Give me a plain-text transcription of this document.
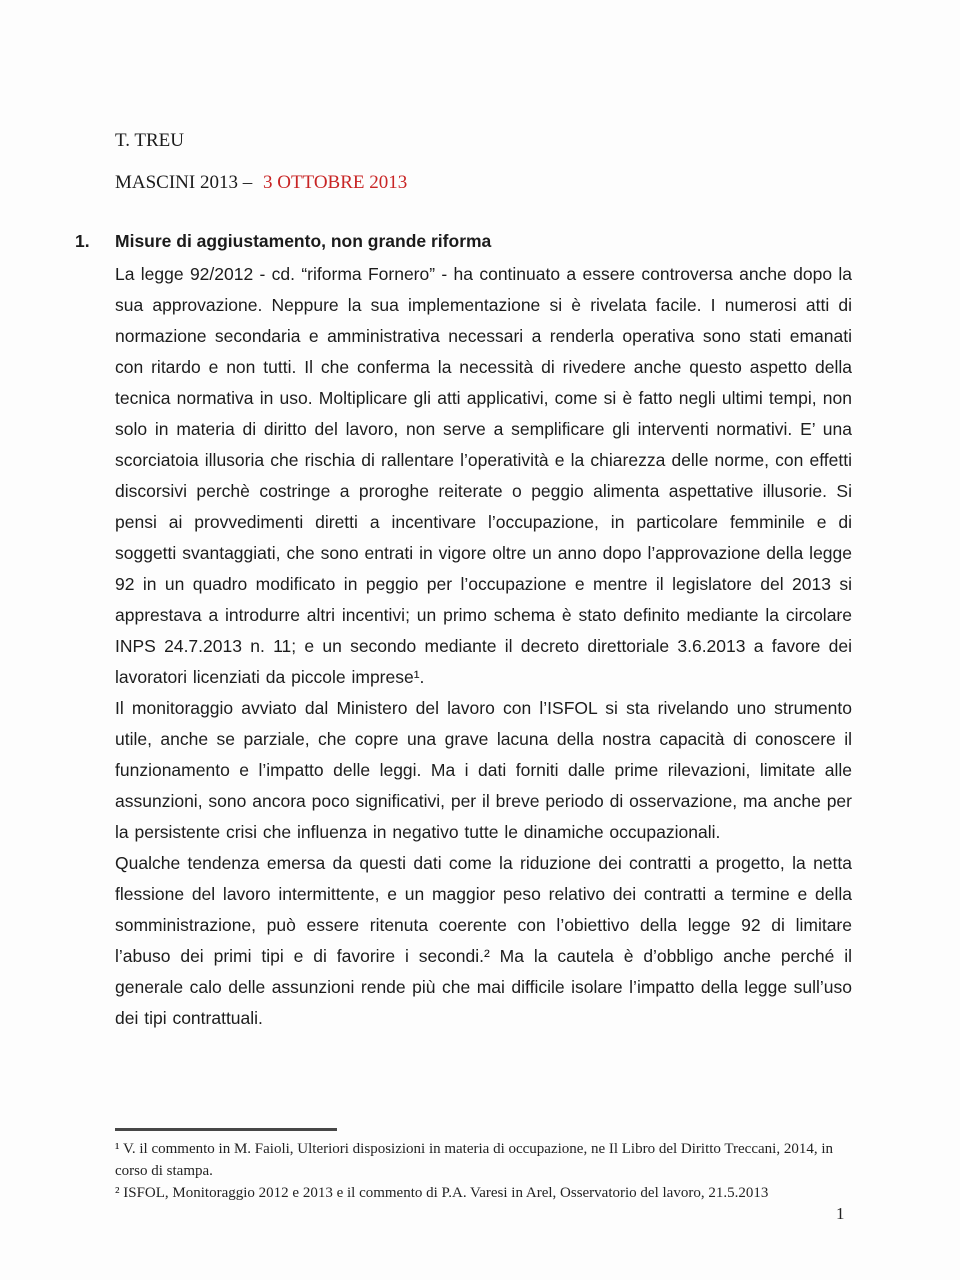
T. TREU

MASCINI 2013 – 3 OTTOBRE 2013

1. Misure di aggiustamento, non grande riforma

La legge 92/2012 - cd. “riforma Fornero” - ha continuato a essere controversa anche dopo la sua approvazione. Neppure la sua implementazione si è rivelata facile. I numerosi atti di normazione secondaria e amministrativa necessari a renderla operativa sono stati emanati con ritardo e non tutti. Il che conferma la necessità di rivedere anche questo aspetto della tecnica normativa in uso. Moltiplicare gli atti applicativi, come si è fatto negli ultimi tempi, non solo in materia di diritto del lavoro, non serve a semplificare gli interventi normativi. E’ una scorciatoia illusoria che rischia di rallentare l’operatività e la chiarezza delle norme, con effetti discorsivi perchè costringe a proroghe reiterate o peggio alimenta aspettative illusorie. Si pensi ai provvedimenti diretti a incentivare l’occupazione, in particolare femminile e di soggetti svantaggiati, che sono entrati in vigore oltre un anno dopo l’approvazione della legge 92 in un quadro modificato in peggio per l’occupazione e mentre il legislatore del 2013 si apprestava a introdurre altri incentivi; un primo schema è stato definito mediante la circolare INPS 24.7.2013 n. 11; e un secondo mediante il decreto direttoriale 3.6.2013 a favore dei lavoratori licenziati da piccole imprese¹.

Il monitoraggio avviato dal Ministero del lavoro con l’ISFOL si sta rivelando uno strumento utile, anche se parziale, che copre una grave lacuna della nostra capacità di conoscere il funzionamento e l’impatto delle leggi. Ma i dati forniti dalle prime rilevazioni, limitate alle assunzioni, sono ancora poco significativi, per il breve periodo di osservazione, ma anche per la persistente crisi che influenza in negativo tutte le dinamiche occupazionali.

Qualche tendenza emersa da questi dati come la riduzione dei contratti a progetto, la netta flessione del lavoro intermittente, e un maggior peso relativo dei contratti a termine e della somministrazione, può essere ritenuta coerente con l’obiettivo della legge 92 di limitare l’abuso dei primi tipi e di favorire i secondi.² Ma la cautela è d’obbligo anche perché il generale calo delle assunzioni rende più che mai difficile isolare l’impatto della legge sull’uso dei tipi contrattuali.

¹ V. il commento in M. Faioli, Ulteriori disposizioni in materia di occupazione, ne Il Libro del Diritto Treccani, 2014, in corso di stampa.

² ISFOL, Monitoraggio 2012 e 2013 e il commento di P.A. Varesi in Arel, Osservatorio del lavoro, 21.5.2013

1
